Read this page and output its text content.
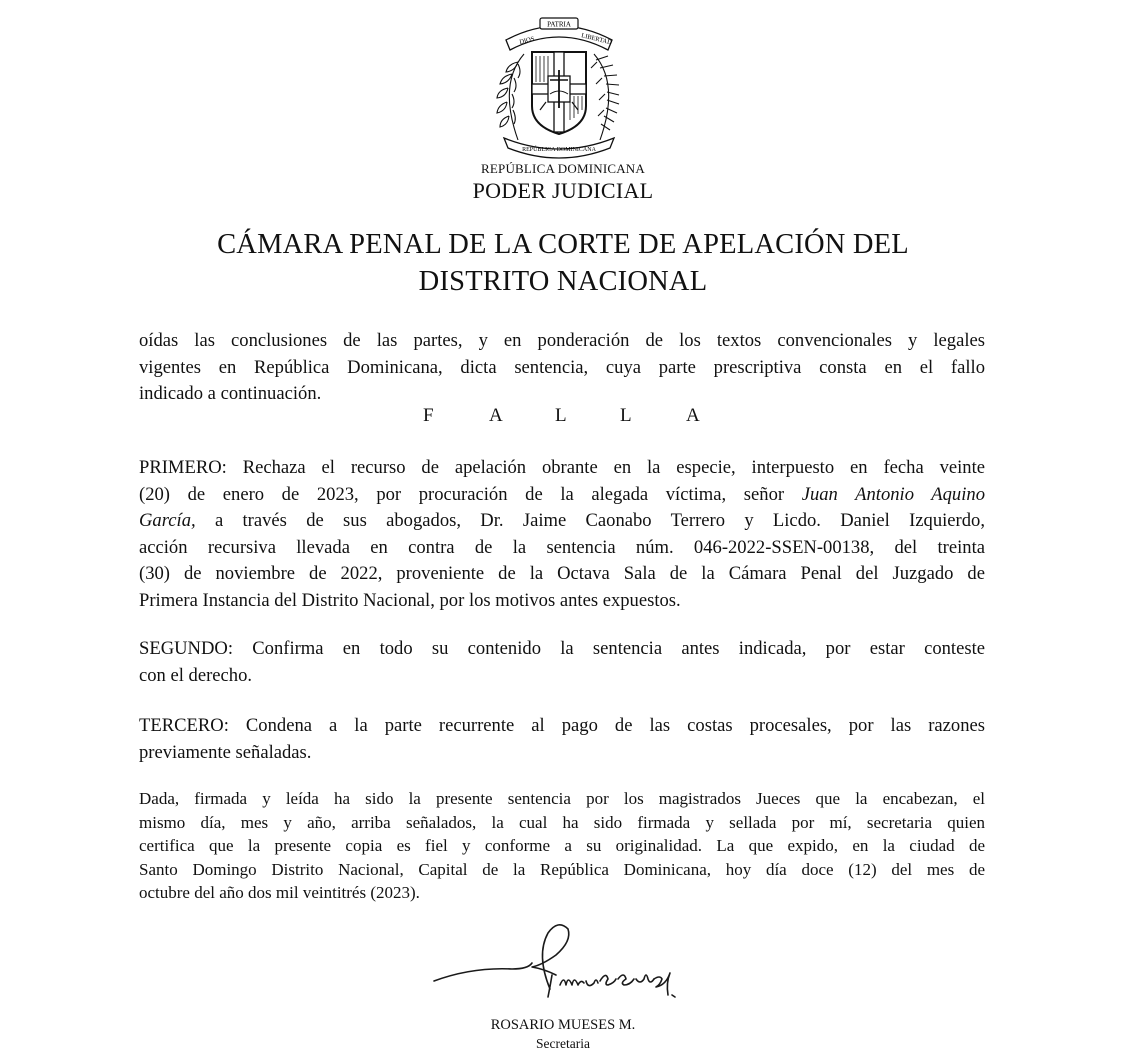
PATRIA
DIOS	LIBERTAD
REPÚBLICA DOMINICANA
REPÚBLICA DOMINICANA
PODER JUDICIAL
CÁMARA PENAL DE LA CORTE DE APELACIÓN DEL
DISTRITO NACIONAL
oídas las conclusiones de las partes, y en ponderación de los textos convencionales y legales
vigentes en República Dominicana, dicta sentencia, cuya parte prescriptiva consta en el fallo
indicado a continuación.
F	A	L	L	A
PRIMERO: Rechaza el recurso de apelación obrante en la especie, interpuesto en fecha veinte
(20) de enero de 2023, por procuración de la alegada víctima, señor Juan Antonio Aquino
García, a través de sus abogados, Dr. Jaime Caonabo Terrero y Licdo. Daniel Izquierdo,
acción recursiva llevada en contra de la sentencia núm. 046-2022-SSEN-00138, del treinta
(30) de noviembre de 2022, proveniente de la Octava Sala de la Cámara Penal del Juzgado de
Primera Instancia del Distrito Nacional, por los motivos antes expuestos.
SEGUNDO: Confirma en todo su contenido la sentencia antes indicada, por estar conteste
con el derecho.
TERCERO: Condena a la parte recurrente al pago de las costas procesales, por las razones
previamente señaladas.
Dada, firmada y leída ha sido la presente sentencia por los magistrados Jueces que la encabezan, el
mismo día, mes y año, arriba señalados, la cual ha sido firmada y sellada por mí, secretaria quien
certifica que la presente copia es fiel y conforme a su originalidad. La que expido, en la ciudad de
Santo Domingo Distrito Nacional, Capital de la República Dominicana, hoy día doce (12) del mes de
octubre del año dos mil veintitrés (2023).
ROSARIO MUESES M.
Secretaria
